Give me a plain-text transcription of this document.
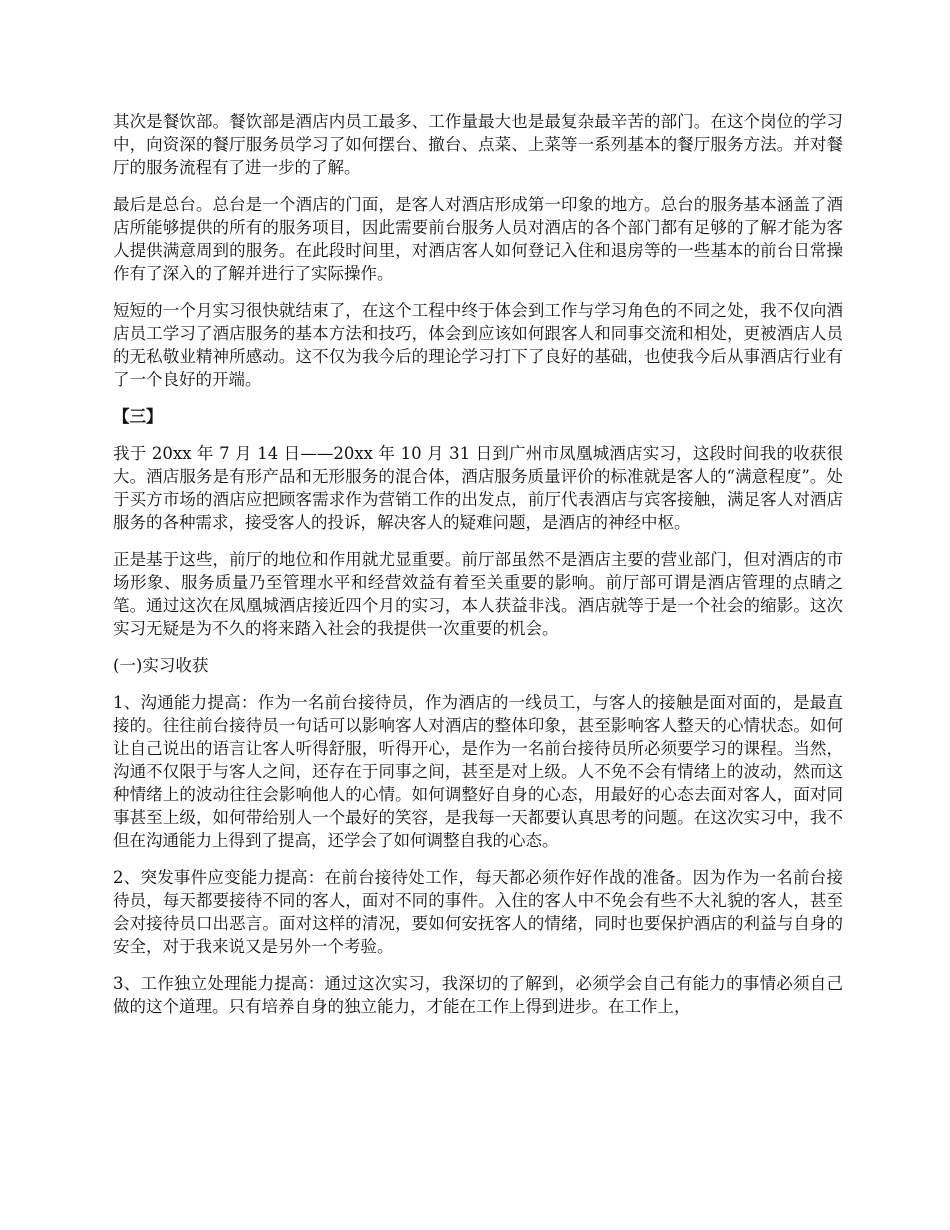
其次是餐饮部。餐饮部是酒店内员工最多、工作量最大也是最复杂最辛苦的部门。在这个岗位的学习中，向资深的餐厅服务员学习了如何摆台、撤台、点菜、上菜等一系列基本的餐厅服务方法。并对餐厅的服务流程有了进一步的了解。

最后是总台。总台是一个酒店的门面，是客人对酒店形成第一印象的地方。总台的服务基本涵盖了酒店所能够提供的所有的服务项目，因此需要前台服务人员对酒店的各个部门都有足够的了解才能为客人提供满意周到的服务。在此段时间里，对酒店客人如何登记入住和退房等的一些基本的前台日常操作有了深入的了解并进行了实际操作。

短短的一个月实习很快就结束了，在这个工程中终于体会到工作与学习角色的不同之处，我不仅向酒店员工学习了酒店服务的基本方法和技巧，体会到应该如何跟客人和同事交流和相处，更被酒店人员的无私敬业精神所感动。这不仅为我今后的理论学习打下了良好的基础，也使我今后从事酒店行业有了一个良好的开端。

【三】

我于 20xx 年 7 月 14 日——20xx 年 10 月 31 日到广州市凤凰城酒店实习，这段时间我的收获很大。酒店服务是有形产品和无形服务的混合体，酒店服务质量评价的标准就是客人的“满意程度”。处于买方市场的酒店应把顾客需求作为营销工作的出发点，前厅代表酒店与宾客接触，满足客人对酒店服务的各种需求，接受客人的投诉，解决客人的疑难问题，是酒店的神经中枢。

正是基于这些，前厅的地位和作用就尤显重要。前厅部虽然不是酒店主要的营业部门，但对酒店的市场形象、服务质量乃至管理水平和经营效益有着至关重要的影响。前厅部可谓是酒店管理的点睛之笔。通过这次在凤凰城酒店接近四个月的实习，本人获益非浅。酒店就等于是一个社会的缩影。这次实习无疑是为不久的将来踏入社会的我提供一次重要的机会。

(一)实习收获

1、沟通能力提高：作为一名前台接待员，作为酒店的一线员工，与客人的接触是面对面的，是最直接的。往往前台接待员一句话可以影响客人对酒店的整体印象，甚至影响客人整天的心情状态。如何让自己说出的语言让客人听得舒服，听得开心，是作为一名前台接待员所必须要学习的课程。当然，沟通不仅限于与客人之间，还存在于同事之间，甚至是对上级。人不免不会有情绪上的波动，然而这种情绪上的波动往往会影响他人的心情。如何调整好自身的心态，用最好的心态去面对客人，面对同事甚至上级，如何带给别人一个最好的笑容，是我每一天都要认真思考的问题。在这次实习中，我不但在沟通能力上得到了提高，还学会了如何调整自我的心态。

2、突发事件应变能力提高：在前台接待处工作，每天都必须作好作战的准备。因为作为一名前台接待员，每天都要接待不同的客人，面对不同的事件。入住的客人中不免会有些不大礼貌的客人，甚至会对接待员口出恶言。面对这样的清况，要如何安抚客人的情绪，同时也要保护酒店的利益与自身的安全，对于我来说又是另外一个考验。

3、工作独立处理能力提高：通过这次实习，我深切的了解到，必须学会自己有能力的事情必须自己做的这个道理。只有培养自身的独立能力，才能在工作上得到进步。在工作上，
